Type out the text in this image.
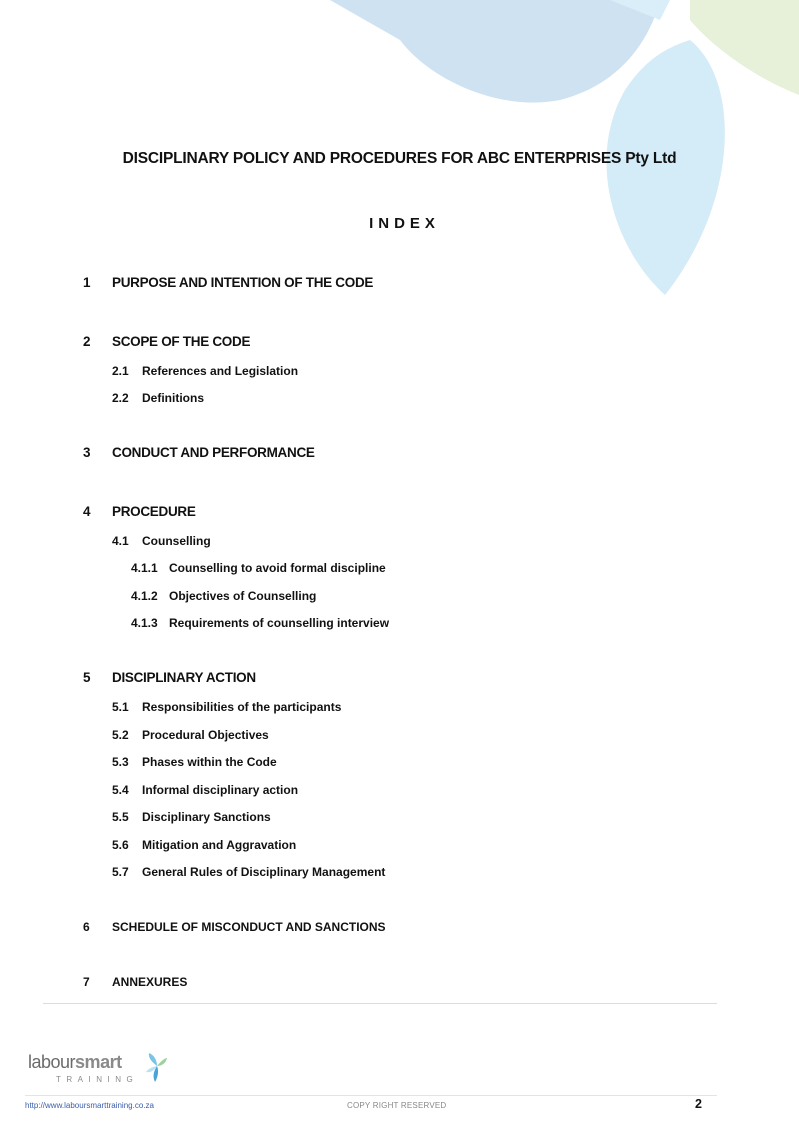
DISCIPLINARY POLICY AND PROCEDURES FOR ABC ENTERPRISES Pty Ltd
INDEX
1 PURPOSE AND INTENTION OF THE CODE
2 SCOPE OF THE CODE
2.1 References and Legislation
2.2 Definitions
3 CONDUCT AND PERFORMANCE
4 PROCEDURE
4.1 Counselling
4.1.1 Counselling to avoid formal discipline
4.1.2 Objectives of Counselling
4.1.3 Requirements of counselling interview
5 DISCIPLINARY ACTION
5.1 Responsibilities of the participants
5.2 Procedural Objectives
5.3 Phases within the Code
5.4 Informal disciplinary action
5.5 Disciplinary Sanctions
5.6 Mitigation and Aggravation
5.7 General Rules of Disciplinary Management
6 SCHEDULE OF MISCONDUCT AND SANCTIONS
7 ANNEXURES
laboursmart
TRAINING
http://www.laboursmarttraining.co.za	COPY RIGHT RESERVED	2
